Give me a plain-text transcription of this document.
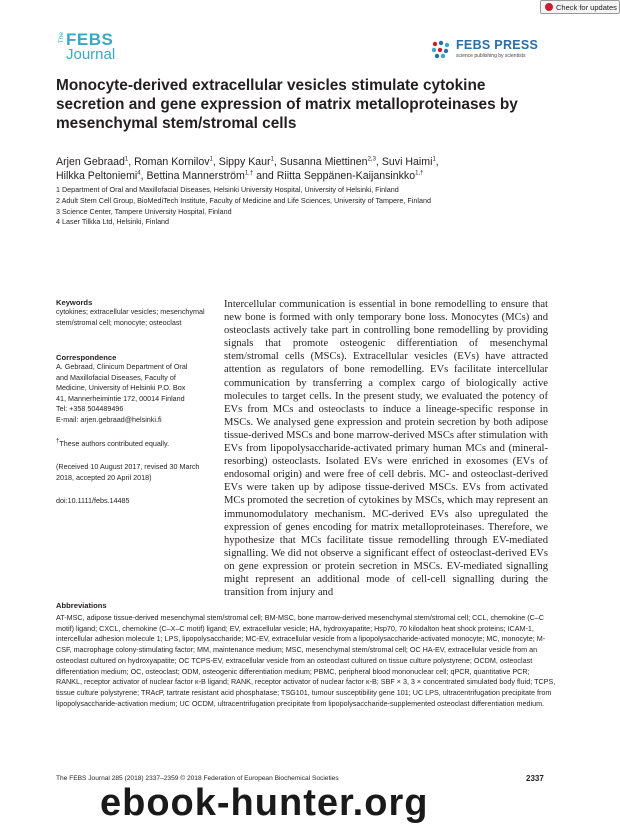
Check for updates
The FEBS
Journal
FEBS PRESS
science publishing by scientists
Monocyte-derived extracellular vesicles stimulate cytokine secretion and gene expression of matrix metalloproteinases by mesenchymal stem/stromal cells
Arjen Gebraad$^1$, Roman Kornilov$^1$, Sippy Kaur$^1$, Susanna Miettinen$^{2,3}$, Suvi Haimi$^1$,
Hilkka Peltoniemi$^4$, Bettina Mannerström$^{1,\dagger}$ and Riitta Seppänen-Kaijansinkko$^{1,\dagger}$
1 Department of Oral and Maxillofacial Diseases, Helsinki University Hospital, University of Helsinki, Finland
2 Adult Stem Cell Group, BioMediTech Institute, Faculty of Medicine and Life Sciences, University of Tampere, Finland
3 Science Center, Tampere University Hospital, Finland
4 Laser Tilkka Ltd, Helsinki, Finland
Keywords
cytokines; extracellular vesicles; mesenchymal stem/stromal cell; monocyte; osteoclast
Correspondence
A. Gebraad, Clinicum Department of Oral
and Maxillofacial Diseases, Faculty of
Medicine, University of Helsinki P.O. Box
41, Mannerheimintie 172, 00014 Finland
Tel: +358 504489496
E-mail: arjen.gebraad@helsinki.fi
†These authors contributed equally.
(Received 10 August 2017, revised 30 March 2018, accepted 20 April 2018)
doi:10.1111/febs.14485

Intercellular communication is essential in bone remodelling to ensure that new bone is formed with only temporary bone loss. Monocytes (MCs) and osteoclasts actively take part in controlling bone remodelling by providing signals that promote osteogenic differentiation of mesenchymal stem/stromal cells (MSCs). Extracellular vesicles (EVs) have attracted attention as regulators of bone remodelling. EVs facilitate intercellular communication by transferring a complex cargo of biologically active molecules to target cells. In the present study, we evaluated the potency of EVs from MCs and osteoclasts to induce a lineage-specific response in MSCs. We analysed gene expression and protein secretion by both adipose tissue-derived MSCs and bone marrow-derived MSCs after stimulation with EVs from lipopolysaccharide-activated primary human MCs and (mineral-resorbing) osteoclasts. Isolated EVs were enriched in exosomes (EVs of endosomal origin) and were free of cell debris. MC- and osteoclast-derived EVs were taken up by adipose tissue-derived MSCs. EVs from activated MCs promoted the secretion of cytokines by MSCs, which may represent an immunomodulatory mechanism. MC-derived EVs also upregulated the expression of genes encoding for matrix metalloproteinases. Therefore, we hypothesize that MCs facilitate tissue remodelling through EV-mediated signalling. We did not observe a significant effect of osteoclast-derived EVs on gene expression or protein secretion in MSCs. EV-mediated signalling might represent an additional mode of cell-cell signalling during the transition from injury and

Abbreviations
AT-MSC, adipose tissue-derived mesenchymal stem/stromal cell; BM-MSC, bone marrow-derived mesenchymal stem/stromal cell; CCL, chemokine (C–C motif) ligand; CXCL, chemokine (C–X–C motif) ligand; EV, extracellular vesicle; HA, hydroxyapatite; Hsp70, 70 kilodalton heat shock proteins; ICAM-1, intercellular adhesion molecule 1; LPS, lipopolysaccharide; MC-EV, extracellular vesicle from a lipopolysaccharide-activated monocyte; MC, monocyte; M-CSF, macrophage colony-stimulating factor; MM, maintenance medium; MSC, mesenchymal stem/stromal cell; OC HA-EV, extracellular vesicle from an osteoclast cultured on hydroxyapatite; OC TCPS-EV, extracellular vesicle from an osteoclast cultured on tissue culture polystyrene; OCDM, osteoclast differentiation medium; OC, osteoclast; ODM, osteogenic differentiation medium; PBMC, peripheral blood mononuclear cell; qPCR, quantitative PCR; RANKL, receptor activator of nuclear factor κ-B ligand; RANK, receptor activator of nuclear factor κ-B; SBF × 3, 3 × concentrated simulated body fluid; TCPS, tissue culture polystyrene; TRAcP, tartrate resistant acid phosphatase; TSG101, tumour susceptibility gene 101; UC LPS, ultracentrifugation precipitate from lipopolysaccharide-activation medium; UC OCDM, ultracentrifugation precipitate from lipopolysaccharide-supplemented osteoclast differentiation medium.
The FEBS Journal 285 (2018) 2337–2359 © 2018 Federation of European Biochemical Societies	2337
ebook-hunter.org
